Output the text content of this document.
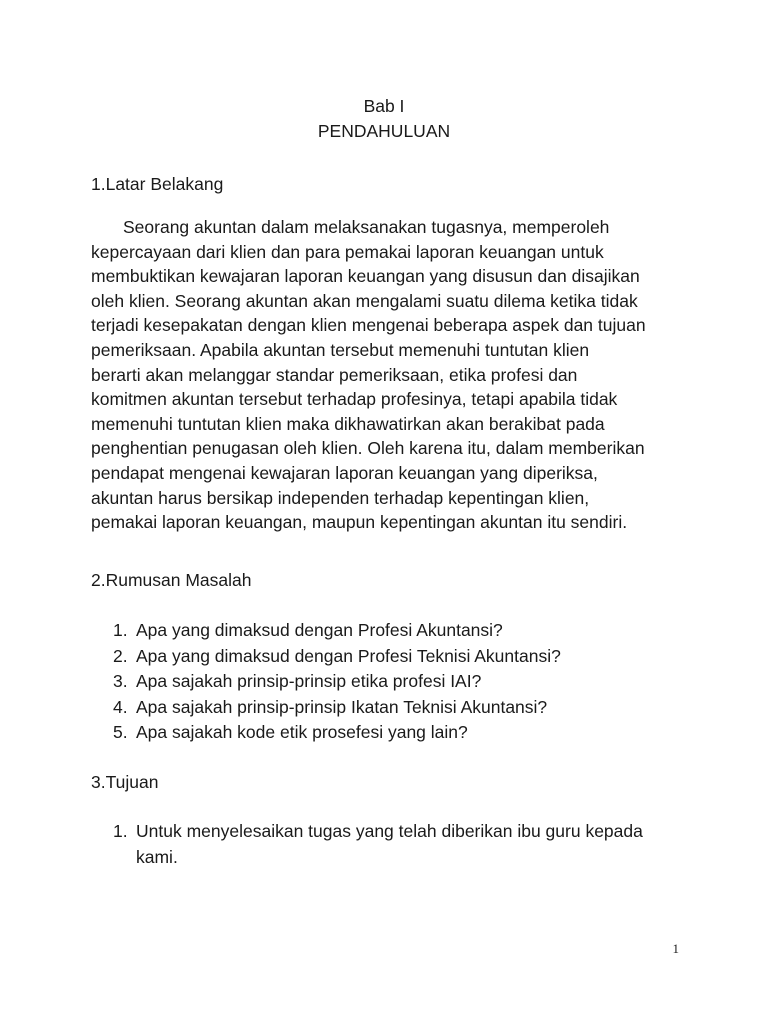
Bab I
PENDAHULUAN
1.Latar Belakang
Seorang akuntan dalam melaksanakan tugasnya, memperoleh
kepercayaan dari klien dan para pemakai laporan keuangan untuk
membuktikan kewajaran laporan keuangan yang disusun dan disajikan
oleh klien. Seorang akuntan akan mengalami suatu dilema ketika tidak
terjadi kesepakatan dengan klien mengenai beberapa aspek dan tujuan
pemeriksaan. Apabila akuntan tersebut memenuhi tuntutan klien
berarti akan melanggar standar pemeriksaan, etika profesi dan
komitmen akuntan tersebut terhadap profesinya, tetapi apabila tidak
memenuhi tuntutan klien maka dikhawatirkan akan berakibat pada
penghentian penugasan oleh klien. Oleh karena itu, dalam memberikan
pendapat mengenai kewajaran laporan keuangan yang diperiksa,
akuntan harus bersikap independen terhadap kepentingan klien,
pemakai laporan keuangan, maupun kepentingan akuntan itu sendiri.
2.Rumusan Masalah
1. Apa yang dimaksud dengan Profesi Akuntansi?
2. Apa yang dimaksud dengan Profesi Teknisi Akuntansi?
3. Apa sajakah prinsip-prinsip etika profesi IAI?
4. Apa sajakah prinsip-prinsip Ikatan Teknisi Akuntansi?
5. Apa sajakah kode etik prosefesi yang lain?
3.Tujuan
1. Untuk menyelesaikan tugas yang telah diberikan ibu guru kepada
kami.
1
